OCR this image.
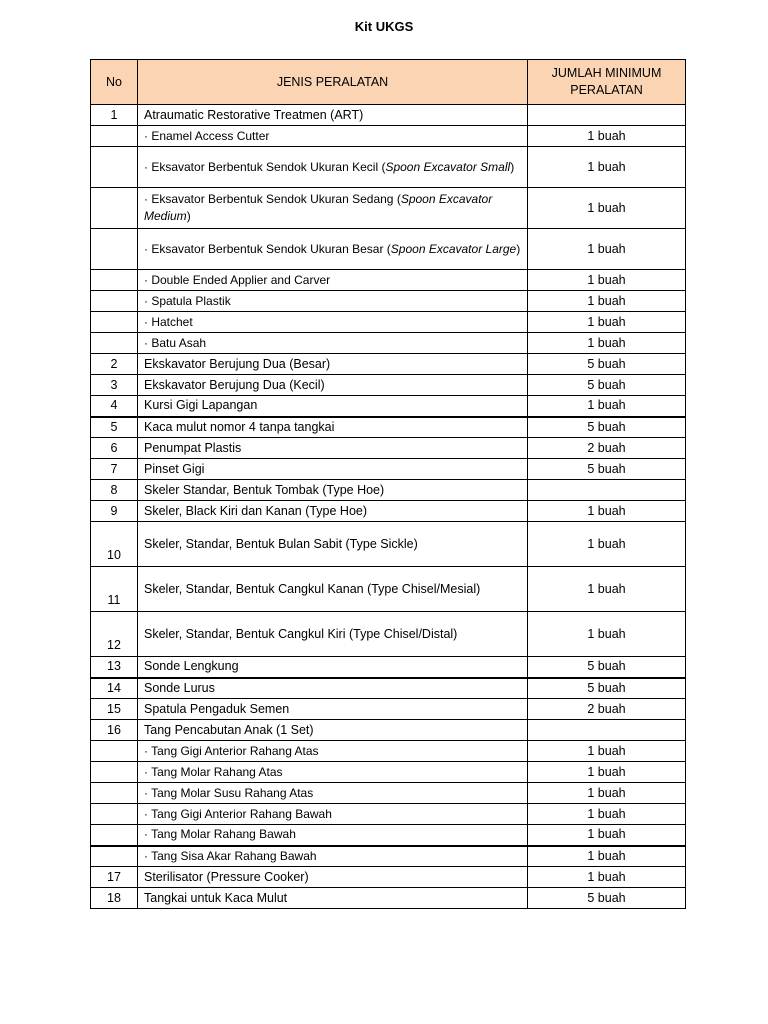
Kit UKGS
No	JENIS PERALATAN	JUMLAH MINIMUM PERALATAN
1	Atraumatic Restorative Treatmen (ART)	
	· Enamel Access Cutter	1 buah
	· Eksavator Berbentuk Sendok Ukuran Kecil (Spoon Excavator Small)	1 buah
	· Eksavator Berbentuk Sendok Ukuran Sedang (Spoon Excavator Medium)	1 buah
	· Eksavator Berbentuk Sendok Ukuran Besar (Spoon Excavator Large)	1 buah
	· Double Ended Applier and Carver	1 buah
	· Spatula Plastik	1 buah
	· Hatchet	1 buah
	· Batu Asah	1 buah
2	Ekskavator Berujung Dua (Besar)	5 buah
3	Ekskavator Berujung Dua (Kecil)	5 buah
4	Kursi Gigi Lapangan	1 buah
5	Kaca mulut nomor 4 tanpa tangkai	5 buah
6	Penumpat Plastis	2 buah
7	Pinset Gigi	5 buah
8	Skeler Standar, Bentuk Tombak (Type Hoe)	
9	Skeler, Black Kiri dan Kanan (Type Hoe)	1 buah
10	Skeler, Standar, Bentuk Bulan Sabit (Type Sickle)	1 buah
11	Skeler, Standar, Bentuk Cangkul Kanan (Type Chisel/Mesial)	1 buah
12	Skeler, Standar, Bentuk Cangkul Kiri (Type Chisel/Distal)	1 buah
13	Sonde Lengkung	5 buah
14	Sonde Lurus	5 buah
15	Spatula Pengaduk Semen	2 buah
16	Tang Pencabutan Anak (1 Set)	
	· Tang Gigi Anterior Rahang Atas	1 buah
	· Tang Molar Rahang Atas	1 buah
	· Tang Molar Susu Rahang Atas	1 buah
	· Tang Gigi Anterior Rahang Bawah	1 buah
	· Tang Molar Rahang Bawah	1 buah
	· Tang Sisa Akar Rahang Bawah	1 buah
17	Sterilisator (Pressure Cooker)	1 buah
18	Tangkai untuk Kaca Mulut	5 buah
